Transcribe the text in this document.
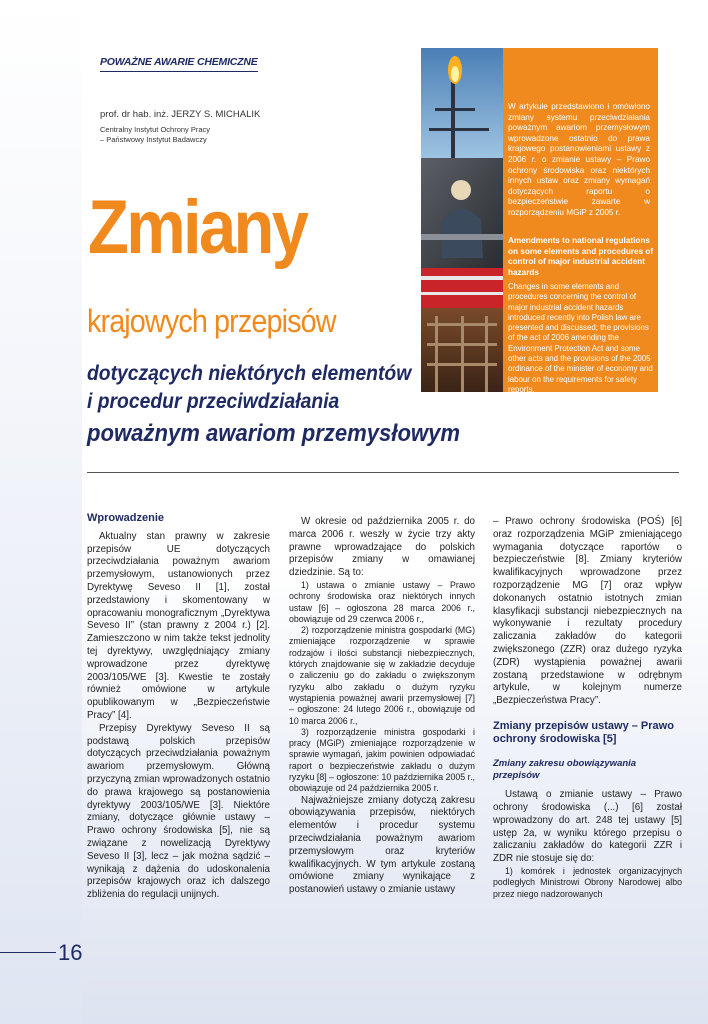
POWAŻNE AWARIE CHEMICZNE
W artykule przedstawiono i omówiono zmiany systemu przeciwdziałania poważnym awariom przemysłowym wprowadzone ostatnio do prawa krajowego postanowieniami ustawy z 2006 r. o zmianie ustawy – Prawo ochrony środowiska oraz niektórych innych ustaw oraz zmiany wymagań dotyczących raportu o bezpieczeństwie zawarte w rozporządzeniu MGiP z 2005 r.
Amendments to national regulations on some elements and procedures of control of major industrial accident hazards
Changes in some elements and procedures concerning the control of major industrial accident hazards introduced recently into Polish law are presented and discussed; the provisions of the act of 2006 amending the Environment Protection Act and some other acts and the provisions of the 2005 ordinance of the minister of economy and labour on the requirements for safety reports.
prof. dr hab. inż. JERZY S. MICHALIK
Centralny Instytut Ochrony Pracy
– Państwowy Instytut Badawczy
Zmiany
krajowych przepisów
dotyczących niektórych elementów
i procedur przeciwdziałania
poważnym awariom przemysłowym
Wprowadzenie

Aktualny stan prawny w zakresie przepisów UE dotyczących przeciwdziałania poważnym awariom przemysłowym, ustanowionych przez Dyrektywę Seveso II [1], został przedstawiony i skomentowany w opracowaniu monograficznym „Dyrektywa Seveso II” (stan prawny z 2004 r.) [2]. Zamieszczono w nim także tekst jednolity tej dyrektywy, uwzględniający zmiany wprowadzone przez dyrektywę 2003/105/WE [3]. Kwestie te zostały również omówione w artykule opublikowanym w „Bezpieczeństwie Pracy” [4].

Przepisy Dyrektywy Seveso II są podstawą polskich przepisów dotyczących przeciwdziałania poważnym awariom przemysłowym. Główną przyczyną zmian wprowadzonych ostatnio do prawa krajowego są postanowienia dyrektywy 2003/105/WE [3]. Niektóre zmiany, dotyczące głównie ustawy – Prawo ochrony środowiska [5], nie są związane z nowelizacją Dyrektywy Seveso II [3], lecz – jak można sądzić – wynikają z dążenia do udoskonalenia przepisów krajowych oraz ich dalszego zbliżenia do regulacji unijnych.

W okresie od października 2005 r. do marca 2006 r. weszły w życie trzy akty prawne wprowadzające do polskich przepisów zmiany w omawianej dziedzinie. Są to:

1) ustawa o zmianie ustawy – Prawo ochrony środowiska oraz niektórych innych ustaw [6] – ogłoszona 28 marca 2006 r., obowiązuje od 29 czerwca 2006 r.,

2) rozporządzenie ministra gospodarki (MG) zmieniające rozporządzenie w sprawie rodzajów i ilości substancji niebezpiecznych, których znajdowanie się w zakładzie decyduje o zaliczeniu go do zakładu o zwiększonym ryzyku albo zakładu o dużym ryzyku wystąpienia poważnej awarii przemysłowej [7] – ogłoszone: 24 lutego 2006 r., obowiązuje od 10 marca 2006 r.,

3) rozporządzenie ministra gospodarki i pracy (MGiP) zmieniające rozporządzenie w sprawie wymagań, jakim powinien odpowiadać raport o bezpieczeństwie zakładu o dużym ryzyku [8] – ogłoszone: 10 października 2005 r., obowiązuje od 24 października 2005 r.

Najważniejsze zmiany dotyczą zakresu obowiązywania przepisów, niektórych elementów i procedur systemu przeciwdziałania poważnym awariom przemysłowym oraz kryteriów kwalifikacyjnych. W tym artykule zostaną omówione zmiany wynikające z postanowień ustawy o zmianie ustawy

– Prawo ochrony środowiska (POŚ) [6] oraz rozporządzenia MGiP zmieniającego wymagania dotyczące raportów o bezpieczeństwie [8]. Zmiany kryteriów kwalifikacyjnych wprowadzone przez rozporządzenie MG [7] oraz wpływ dokonanych ostatnio istotnych zmian klasyfikacji substancji niebezpiecznych na wykonywanie i rezultaty procedury zaliczania zakładów do kategorii zwiększonego (ZZR) oraz dużego ryzyka (ZDR) wystąpienia poważnej awarii zostaną przedstawione w odrębnym artykule, w kolejnym numerze „Bezpieczeństwa Pracy”.

Zmiany przepisów ustawy – Prawo ochrony środowiska [5]
Zmiany zakresu obowiązywania przepisów

Ustawą o zmianie ustawy – Prawo ochrony środowiska (...) [6] został wprowadzony do art. 248 tej ustawy [5] ustęp 2a, w wyniku którego przepisu o zaliczaniu zakładów do kategorii ZZR i ZDR nie stosuje się do:

1) komórek i jednostek organizacyjnych podległych Ministrowi Obrony Narodowej albo przez niego nadzorowanych

16
